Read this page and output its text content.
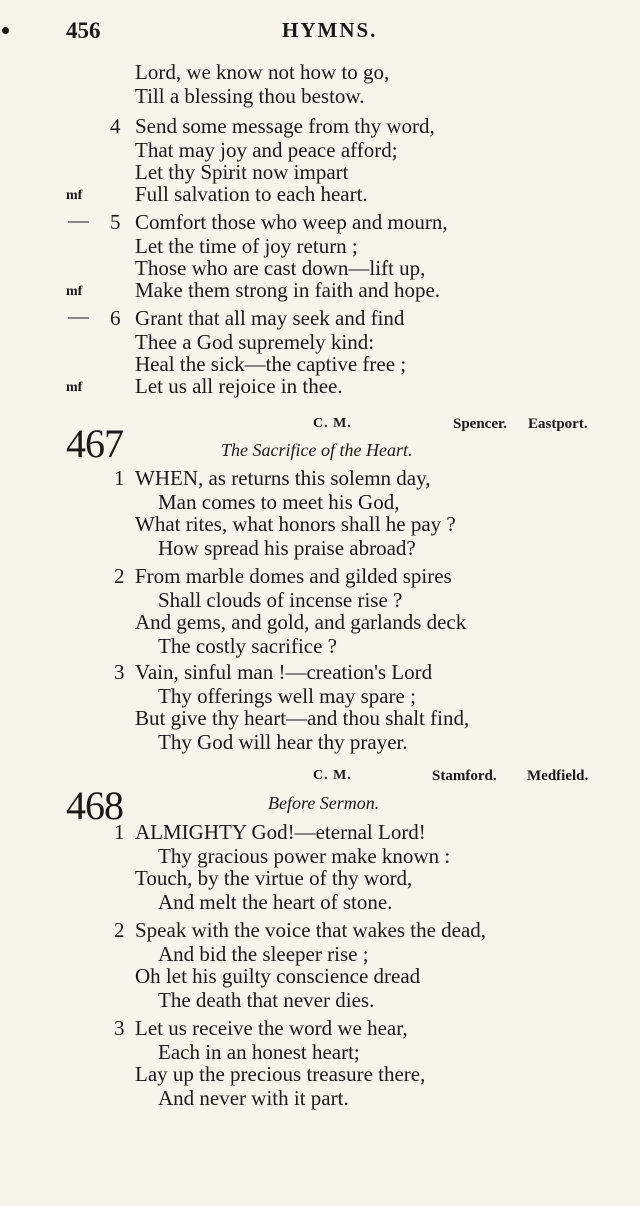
456	HYMNS.
Lord, we know not how to go,
Till a blessing thou bestow.
4 Send some message from thy word,
That may joy and peace afford;
Let thy Spirit now impart
mf	Full salvation to each heart.
— 5 Comfort those who weep and mourn,
Let the time of joy return ;
Those who are cast down—lift up,
mf	Make them strong in faith and hope.
— 6 Grant that all may seek and find
Thee a God supremely kind:
Heal the sick—the captive free ;
mf	Let us all rejoice in thee.
467	C. M.	Spencer. Eastport.
The Sacrifice of the Heart.
1 WHEN, as returns this solemn day,
Man comes to meet his God,
What rites, what honors shall he pay ?
How spread his praise abroad?
2 From marble domes and gilded spires
Shall clouds of incense rise ?
And gems, and gold, and garlands deck
The costly sacrifice ?
3 Vain, sinful man !—creation's Lord
Thy offerings well may spare ;
But give thy heart—and thou shalt find,
Thy God will hear thy prayer.
468
C. M.	Stamford. Medfield.
Before Sermon.
1 ALMIGHTY God!—eternal Lord!
Thy gracious power make known :
Touch, by the virtue of thy word,
And melt the heart of stone.
2 Speak with the voice that wakes the dead,
And bid the sleeper rise ;
Oh let his guilty conscience dread
The death that never dies.
3 Let us receive the word we hear,
Each in an honest heart;
Lay up the precious treasure there,
And never with it part.
